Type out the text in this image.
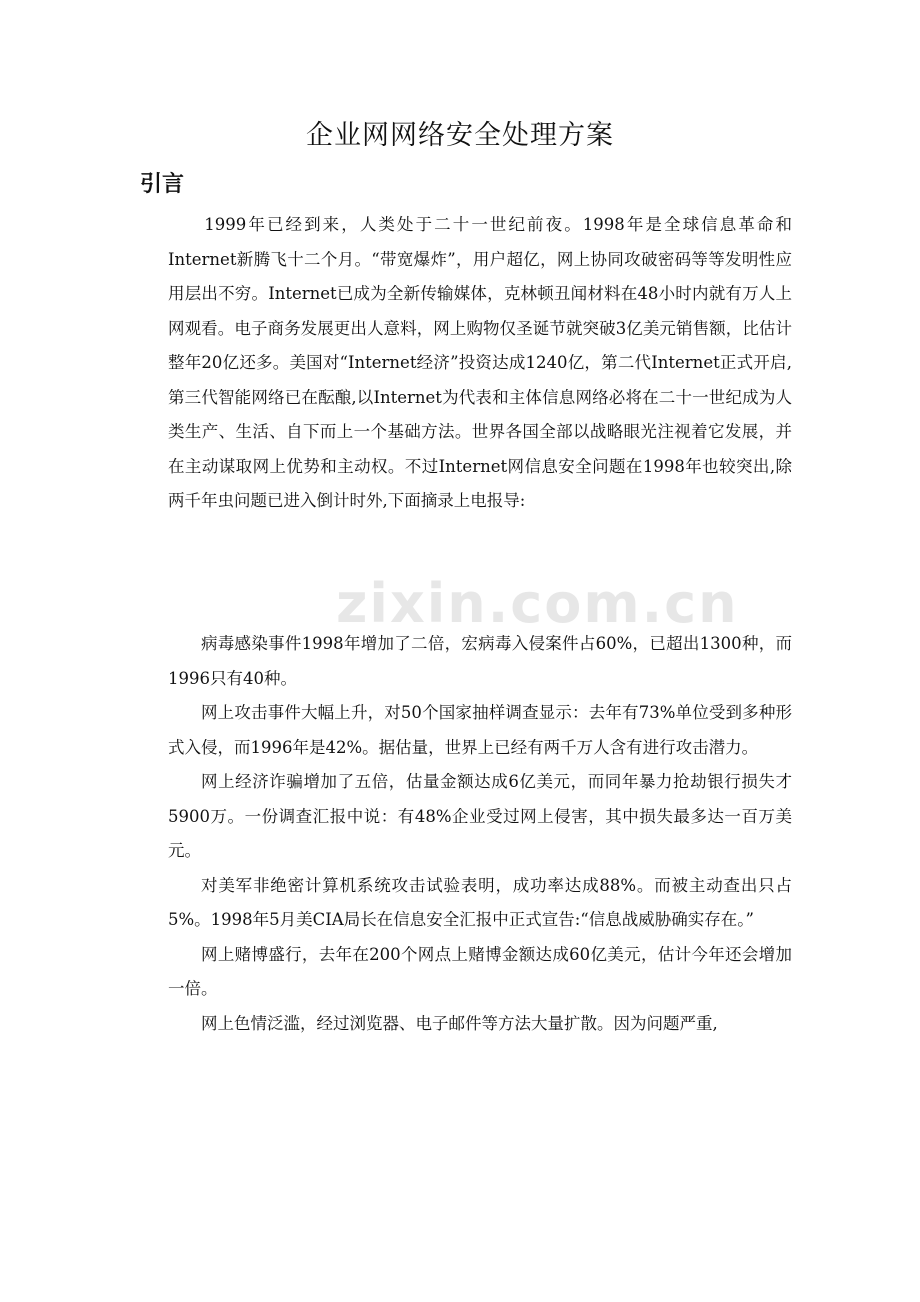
zixin.com.cn
企业网网络安全处理方案
引言

1999年已经到来，人类处于二十一世纪前夜。1998年是全球信息革命和Internet新腾飞十二个月。“带宽爆炸”，用户超亿，网上协同攻破密码等等发明性应用层出不穷。Internet已成为全新传输媒体，克林顿丑闻材料在48小时内就有万人上网观看。电子商务发展更出人意料，网上购物仅圣诞节就突破3亿美元销售额，比估计整年20亿还多。美国对“Internet经济”投资达成1240亿，第二代Internet正式开启,第三代智能网络已在酝酿,以Internet为代表和主体信息网络必将在二十一世纪成为人类生产、生活、自下而上一个基础方法。世界各国全部以战略眼光注视着它发展，并在主动谋取网上优势和主动权。不过Internet网信息安全问题在1998年也较突出,除两千年虫问题已进入倒计时外,下面摘录上电报导:

病毒感染事件1998年增加了二倍，宏病毒入侵案件占60%，已超出1300种，而1996只有40种。

网上攻击事件大幅上升，对50个国家抽样调查显示：去年有73%单位受到多种形式入侵，而1996年是42%。据估量，世界上已经有两千万人含有进行攻击潜力。

网上经济诈骗增加了五倍，估量金额达成6亿美元，而同年暴力抢劫银行损失才5900万。一份调查汇报中说：有48%企业受过网上侵害，其中损失最多达一百万美元。

对美军非绝密计算机系统攻击试验表明，成功率达成88%。而被主动查出只占5%。1998年5月美CIA局长在信息安全汇报中正式宣告:“信息战威胁确实存在。”

网上赌博盛行，去年在200个网点上赌博金额达成60亿美元，估计今年还会增加一倍。

网上色情泛滥，经过浏览器、电子邮件等方法大量扩散。因为问题严重,
